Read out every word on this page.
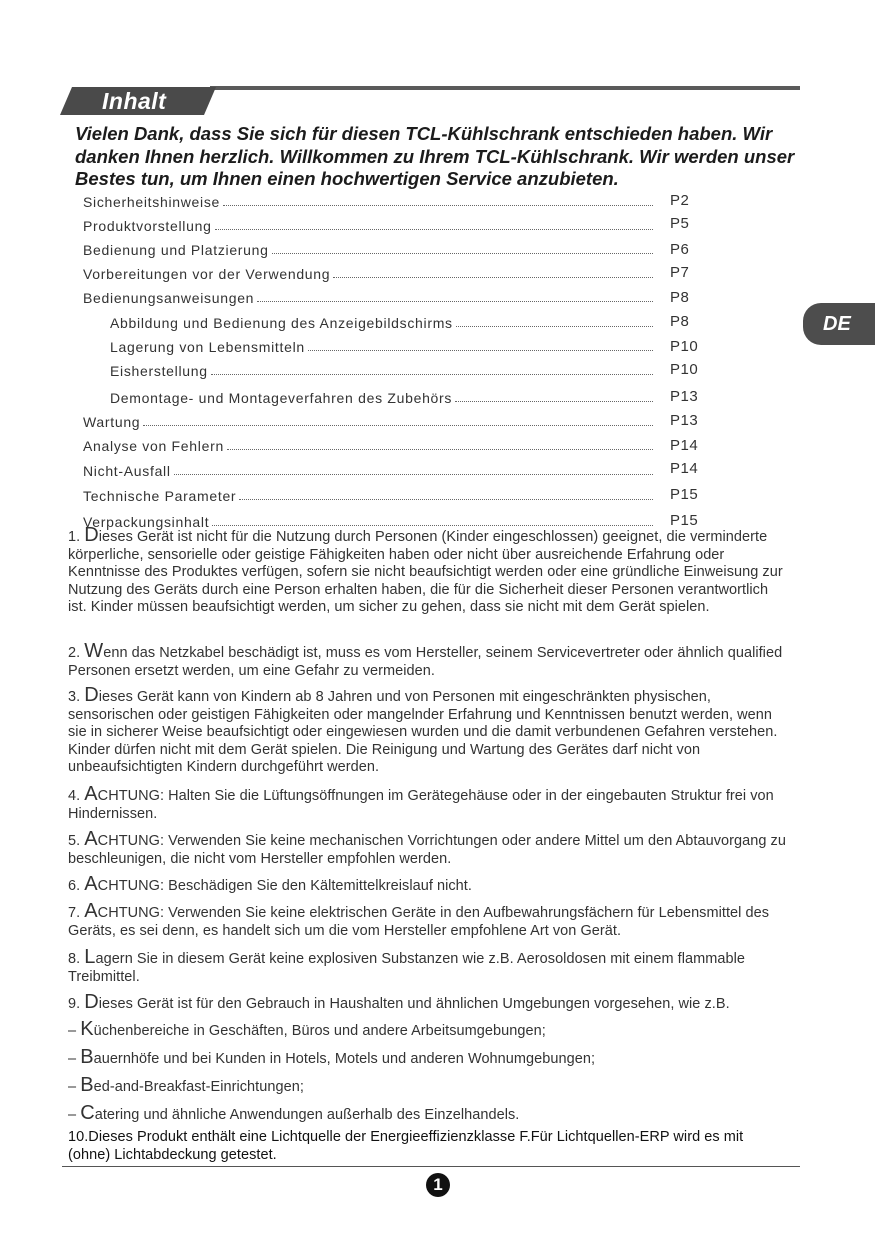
Inhalt
DE
Vielen Dank, dass Sie sich für diesen TCL-Kühlschrank entschieden haben. Wir danken Ihnen herzlich. Willkommen zu Ihrem TCL-Kühlschrank. Wir werden unser Bestes tun, um Ihnen einen hochwertigen Service anzubieten.
Sicherheitshinweise	P2
Produktvorstellung	P5
Bedienung und Platzierung	P6
Vorbereitungen vor der Verwendung	P7
Bedienungsanweisungen	P8
Abbildung und Bedienung des Anzeigebildschirms	P8
Lagerung von Lebensmitteln	P10
Eisherstellung	P10
Demontage- und Montageverfahren des Zubehörs	P13
Wartung	P13
Analyse von Fehlern	P14
Nicht-Ausfall	P14
Technische Parameter	P15
Verpackungsinhalt	P15
1. Dieses Gerät ist nicht für die Nutzung durch Personen (Kinder eingeschlossen) geeignet, die verminderte körperliche, sensorielle oder geistige Fähigkeiten haben oder nicht über ausreichende Erfahrung oder Kenntnisse des Produktes verfügen, sofern sie nicht beaufsichtigt werden oder eine gründliche Einweisung zur Nutzung des Geräts durch eine Person erhalten haben, die für die Sicherheit dieser Personen verantwortlich ist. Kinder müssen beaufsichtigt werden, um sicher zu gehen, dass sie nicht mit dem Gerät spielen.
2. Wenn das Netzkabel beschädigt ist, muss es vom Hersteller, seinem Servicevertreter oder ähnlich qualified Personen ersetzt werden, um eine Gefahr zu vermeiden.
3. Dieses Gerät kann von Kindern ab 8 Jahren und von Personen mit eingeschränkten physischen, sensorischen oder geistigen Fähigkeiten oder mangelnder Erfahrung und Kenntnissen benutzt werden, wenn sie in sicherer Weise beaufsichtigt oder eingewiesen wurden und die damit verbundenen Gefahren verstehen. Kinder dürfen nicht mit dem Gerät spielen. Die Reinigung und Wartung des Gerätes darf nicht von unbeaufsichtigten Kindern durchgeführt werden.
4. ACHTUNG: Halten Sie die Lüftungsöffnungen im Gerätegehäuse oder in der eingebauten Struktur frei von Hindernissen.
5. ACHTUNG: Verwenden Sie keine mechanischen Vorrichtungen oder andere Mittel um den Abtauvorgang zu beschleunigen, die nicht vom Hersteller empfohlen werden.
6. ACHTUNG: Beschädigen Sie den Kältemittelkreislauf nicht.
7. ACHTUNG: Verwenden Sie keine elektrischen Geräte in den Aufbewahrungsfächern für Lebensmittel des Geräts, es sei denn, es handelt sich um die vom Hersteller empfohlene Art von Gerät.
8. Lagern Sie in diesem Gerät keine explosiven Substanzen wie z.B. Aerosoldosen mit einem flammable Treibmittel.
9. Dieses Gerät ist für den Gebrauch in Haushalten und ähnlichen Umgebungen vorgesehen, wie z.B.
– Küchenbereiche in Geschäften, Büros und andere Arbeitsumgebungen;
– Bauernhöfe und bei Kunden in Hotels, Motels und anderen Wohnumgebungen;
– Bed-and-Breakfast-Einrichtungen;
– Catering und ähnliche Anwendungen außerhalb des Einzelhandels.
10.Dieses Produkt enthält eine Lichtquelle der Energieeffizienzklasse F.Für Lichtquellen-ERP wird es mit (ohne) Lichtabdeckung getestet.
1
